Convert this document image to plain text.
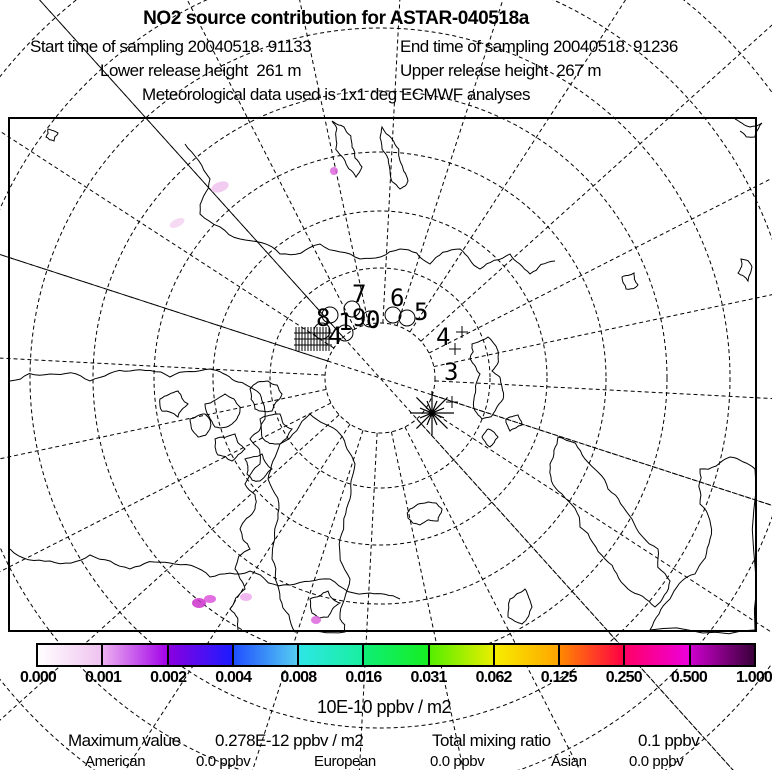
NO2 source contribution for ASTAR-040518a
Start time of sampling 20040518. 91133	End time of sampling 20040518. 91236
Lower release height  261 m	Upper release height  267 m
Meteorological data used is 1x1 deg ECMWF analyses
8 1 9
4
0
7 6 5
4
3
0.000 0.001 0.002 0.004 0.008 0.016 0.031 0.062 0.125 0.250 0.500 1.000
10E-10 ppbv / m2
Maximum value 0.278E-12 ppbv / m2	Total mixing ratio	0.1 ppbv
American	0.0 ppbv	European	0.0 ppbv	Asian	0.0 ppbv
